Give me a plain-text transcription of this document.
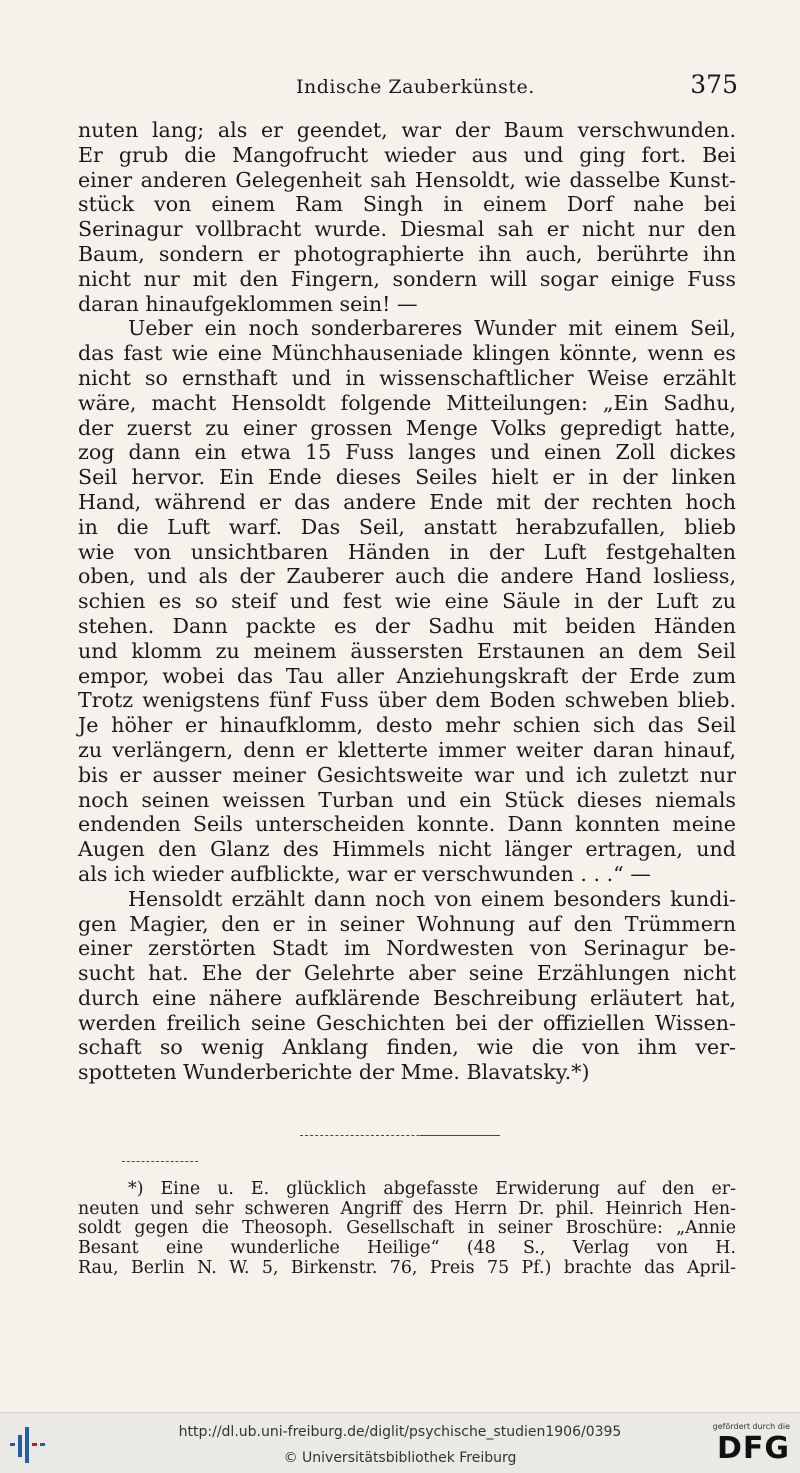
Indische Zauberkünste.	375
nuten lang; als er geendet, war der Baum verschwunden.
Er grub die Mangofrucht wieder aus und ging fort. Bei
einer anderen Gelegenheit sah Hensoldt, wie dasselbe Kunst-
stück von einem Ram Singh in einem Dorf nahe bei
Serinagur vollbracht wurde. Diesmal sah er nicht nur den
Baum, sondern er photographierte ihn auch, berührte ihn
nicht nur mit den Fingern, sondern will sogar einige Fuss
daran hinaufgeklommen sein! —
Ueber ein noch sonderbareres Wunder mit einem Seil,
das fast wie eine Münchhauseniade klingen könnte, wenn es
nicht so ernsthaft und in wissenschaftlicher Weise erzählt
wäre, macht Hensoldt folgende Mitteilungen: „Ein Sadhu,
der zuerst zu einer grossen Menge Volks gepredigt hatte,
zog dann ein etwa 15 Fuss langes und einen Zoll dickes
Seil hervor. Ein Ende dieses Seiles hielt er in der linken
Hand, während er das andere Ende mit der rechten hoch
in die Luft warf. Das Seil, anstatt herabzufallen, blieb
wie von unsichtbaren Händen in der Luft festgehalten
oben, und als der Zauberer auch die andere Hand losliess,
schien es so steif und fest wie eine Säule in der Luft zu
stehen. Dann packte es der Sadhu mit beiden Händen
und klomm zu meinem äussersten Erstaunen an dem Seil
empor, wobei das Tau aller Anziehungskraft der Erde zum
Trotz wenigstens fünf Fuss über dem Boden schweben blieb.
Je höher er hinaufklomm, desto mehr schien sich das Seil
zu verlängern, denn er kletterte immer weiter daran hinauf,
bis er ausser meiner Gesichtsweite war und ich zuletzt nur
noch seinen weissen Turban und ein Stück dieses niemals
endenden Seils unterscheiden konnte. Dann konnten meine
Augen den Glanz des Himmels nicht länger ertragen, und
als ich wieder aufblickte, war er verschwunden . . .“ —
Hensoldt erzählt dann noch von einem besonders kundi-
gen Magier, den er in seiner Wohnung auf den Trümmern
einer zerstörten Stadt im Nordwesten von Serinagur be-
sucht hat. Ehe der Gelehrte aber seine Erzählungen nicht
durch eine nähere aufklärende Beschreibung erläutert hat,
werden freilich seine Geschichten bei der offiziellen Wissen-
schaft so wenig Anklang finden, wie die von ihm ver-
spotteten Wunderberichte der Mme. Blavatsky.*)
*) Eine u. E. glücklich abgefasste Erwiderung auf den er-
neuten und sehr schweren Angriff des Herrn Dr. phil. Heinrich Hen-
soldt gegen die Theosoph. Gesellschaft in seiner Broschüre: „Annie
Besant eine wunderliche Heilige“ (48 S., Verlag von H.
Rau, Berlin N. W. 5, Birkenstr. 76, Preis 75 Pf.) brachte das April-
http://dl.ub.uni-freiburg.de/diglit/psychische_studien1906/0395
© Universitätsbibliothek Freiburg
gefördert durch die
DFG
